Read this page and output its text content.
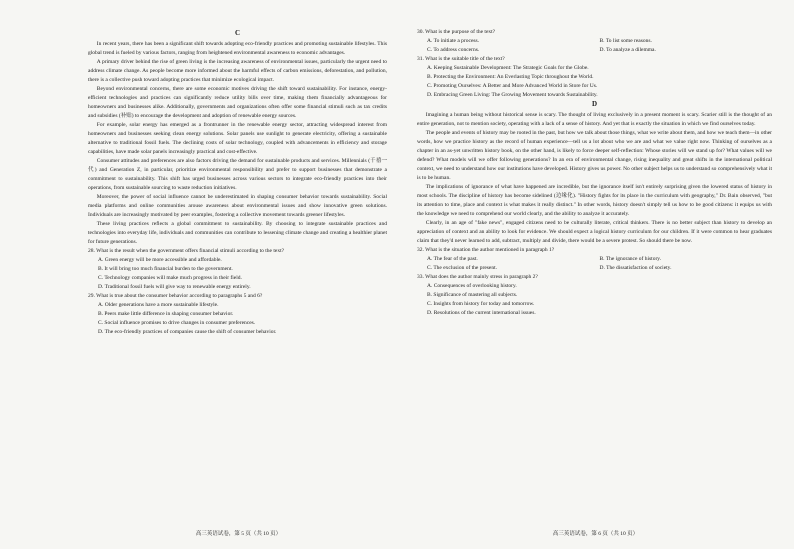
C

In recent years, there has been a significant shift towards adopting eco-friendly practices and promoting sustainable lifestyles. This global trend is fueled by various factors, ranging from heightened environmental awareness to economic advantages.

A primary driver behind the rise of green living is the increasing awareness of environmental issues, particularly the urgent need to address climate change. As people become more informed about the harmful effects of carbon emissions, deforestation, and pollution, there is a collective push toward adopting practices that minimize ecological impact.

Beyond environmental concerns, there are some economic motives driving the shift toward sustainability. For instance, energy-efficient technologies and practices can significantly reduce utility bills over time, making them financially advantageous for homeowners and businesses alike. Additionally, governments and organizations often offer some financial stimuli such as tax credits and subsidies (补贴) to encourage the development and adoption of renewable energy sources.

For example, solar energy has emerged as a frontrunner in the renewable energy sector, attracting widespread interest from homeowners and businesses seeking clean energy solutions. Solar panels use sunlight to generate electricity, offering a sustainable alternative to traditional fossil fuels. The declining costs of solar technology, coupled with advancements in efficiency and storage capabilities, have made solar panels increasingly practical and cost-effective.

Consumer attitudes and preferences are also factors driving the demand for sustainable products and services. Millennials (千禧一代) and Generation Z, in particular, prioritize environmental responsibility and prefer to support businesses that demonstrate a commitment to sustainability. This shift has urged businesses across various sectors to integrate eco-friendly practices into their operations, from sustainable sourcing to waste reduction initiatives.

Moreover, the power of social influence cannot be underestimated in shaping consumer behavior towards sustainability. Social media platforms and online communities arouse awareness about environmental issues and show innovative green solutions. Individuals are increasingly motivated by peer examples, fostering a collective movement towards greener lifestyles.

These living practices reflects a global commitment to sustainability. By choosing to integrate sustainable practices and technologies into everyday life, individuals and communities can contribute to lessening climate change and creating a healthier planet for future generations.

28. What is the result when the government offers financial stimuli according to the text?

A. Green energy will be more accessible and affordable.

B. It will bring too much financial burden to the government.

C. Technology companies will make much progress in their field.

D. Traditional fossil fuels will give way to renewable energy entirely.

29. What is true about the consumer behavior according to paragraphs 5 and 6?

A. Older generations have a more sustainable lifestyle.

B. Peers make little difference in shaping consumer behavior.

C. Social influence promises to drive changes in consumer preferences.

D. The eco-friendly practices of companies cause the shift of consumer behavior.

高三英语试卷，第 5 页（共 10 页）

30. What is the purpose of the text?

A. To initiate a process.	B. To list some reasons.
C. To address concerns.	D. To analyze a dilemma.

31. What is the suitable title of the text?

A. Keeping Sustainable Development: The Strategic Goals for the Globe.

B. Protecting the Environment: An Everlasting Topic throughout the World.

C. Promoting Ourselves: A Better and More Advanced World in Store for Us.

D. Embracing Green Living: The Growing Movement towards Sustainability.

D

Imagining a human being without historical sense is scary. The thought of living exclusively in a present moment is scary. Scarier still is the thought of an entire generation, not to mention society, operating with a lack of a sense of history. And yet that is exactly the situation in which we find ourselves today.

The people and events of history may be rooted in the past, but how we talk about those things, what we write about them, and how we teach them—in other words, how we practice history as the record of human experience—tell us a lot about who we are and what we value right now. Thinking of ourselves as a chapter in an as-yet unwritten history book, on the other hand, is likely to force deeper self-reflection: Whose stories will we stand up for? What values will we defend? What models will we offer following generations? In an era of environmental change, rising inequality and great shifts in the international political context, we need to understand how our institutions have developed. History gives us power. No other subject helps us to understand so comprehensively what it is to be human.

The implications of ignorance of what have happened are incredible, but the ignorance itself isn't entirely surprising given the lowered status of history in most schools. The discipline of history has become sidelined (边缘化). "History fights for its place in the curriculum with geography," Dr. Bain observed, "but its attention to time, place and context is what makes it really distinct." In other words, history doesn't simply tell us how to be good citizens: it equips us with the knowledge we need to comprehend our world clearly, and the ability to analyze it accurately.

Clearly, in an age of "fake news", engaged citizens need to be culturally literate, critical thinkers. There is no better subject than history to develop an appreciation of context and an ability to look for evidence. We should expect a logical history curriculum for our children. If it were common to hear graduates claim that they'd never learned to add, subtract, multiply and divide, there would be a severe protest. So should there be now.

32. What is the situation the author mentioned in paragraph 1?

A. The fear of the past.	B. The ignorance of history.
C. The exclusion of the present.	D. The dissatisfaction of society.

33. What does the author mainly stress in paragraph 2?

A. Consequences of overlooking history.

B. Significance of mastering all subjects.

C. Insights from history for today and tomorrow.

D. Resolutions of the current international issues.

高三英语试卷，第 6 页（共 10 页）
